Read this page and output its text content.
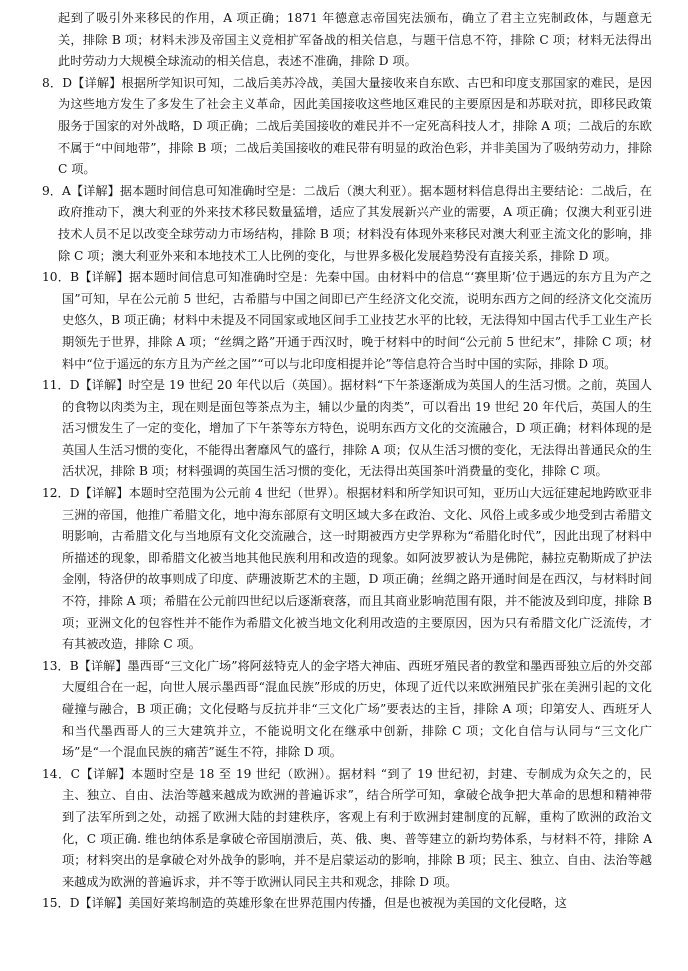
起到了吸引外来移民的作用，A 项正确；1871 年德意志帝国宪法颁布，确立了君主立宪制政体，与题意无关，排除 B 项；材料未涉及帝国主义竞相扩军备战的相关信息，与题干信息不符，排除 C 项；材料无法得出此时劳动力大规模全球流动的相关信息，表述不准确，排除 D 项。

8．D【详解】根据所学知识可知，二战后美苏冷战，美国大量接收来自东欧、古巴和印度支那国家的难民，是因为这些地方发生了多发生了社会主义革命，因此美国接收这些地区难民的主要原因是和苏联对抗，即移民政策服务于国家的对外战略，D 项正确；二战后美国接收的难民并不一定死高科技人才，排除 A 项；二战后的东欧不属于“中间地带”，排除 B 项；二战后美国接收的难民带有明显的政治色彩，并非美国为了吸纳劳动力，排除 C 项。

9．A【详解】据本题时间信息可知准确时空是：二战后（澳大利亚）。据本题材料信息得出主要结论：二战后，在政府推动下，澳大利亚的外来技术移民数量猛增，适应了其发展新兴产业的需要，A 项正确；仅澳大利亚引进技术人员不足以改变全球劳动力市场结构，排除 B 项；材料没有体现外来移民对澳大利亚主流文化的影响，排除 C 项；澳大利亚外来和本地技术工人比例的变化，与世界多极化发展趋势没有直接关系，排除 D 项。

10．B【详解】据本题时间信息可知准确时空是：先秦中国。由材料中的信息“‘赛里斯’位于遇远的东方且为产之国”可知，早在公元前 5 世纪，古希腊与中国之间即已产生经济文化交流，说明东西方之间的经济文化交流历史悠久，B 项正确；材料中未提及不同国家或地区间手工业技艺水平的比较，无法得知中国古代手工业生产长期领先于世界，排除 A 项；“丝绸之路”开通于西汉时，晚于材料中的时间“公元前 5 世纪末”，排除 C 项；材料中“位于遥远的东方且为产丝之国”“可以与北印度相提并论”等信息符合当时中国的实际，排除 D 项。

11．D【详解】时空是 19 世纪 20 年代以后（英国）。据材料“下午茶逐渐成为英国人的生活习惯。之前，英国人的食物以肉类为主，现在则是面包等茶点为主，辅以少量的肉类”，可以看出 19 世纪 20 年代后，英国人的生活习惯发生了一定的变化，增加了下午茶等东方特色，说明东西方文化的交流融合，D 项正确；材料体现的是英国人生活习惯的变化，不能得出奢靡风气的盛行，排除 A 项；仅从生活习惯的变化，无法得出普通民众的生活状况，排除 B 项；材料强调的英国生活习惯的变化，无法得出英国茶叶消费量的变化，排除 C 项。

12．D【详解】本题时空范围为公元前 4 世纪（世界）。根据材料和所学知识可知，亚历山大远征建起地跨欧亚非三洲的帝国，他推广希腊文化，地中海东部原有文明区域大多在政治、文化、风俗上或多或少地受到古希腊文明影响，古希腊文化与当地原有文化交流融合，这一时期被西方史学界称为“希腊化时代”，因此出现了材料中所描述的现象，即希腊文化被当地其他民族利用和改造的现象。如阿波罗被认为是佛陀，赫拉克勒斯成了护法金刚，特洛伊的故事则成了印度、萨珊波斯艺术的主题，D 项正确；丝绸之路开通时间是在西汉，与材料时间不符，排除 A 项；希腊在公元前四世纪以后逐渐衰落，而且其商业影响范围有限，并不能波及到印度，排除 B 项；亚洲文化的包容性并不能作为希腊文化被当地文化利用改造的主要原因，因为只有希腊文化广泛流传，才有其被改造，排除 C 项。

13．B【详解】墨西哥“三文化广场”将阿兹特克人的金字塔大神庙、西班牙殖民者的教堂和墨西哥独立后的外交部大厦组合在一起，向世人展示墨西哥“混血民族”形成的历史，体现了近代以来欧洲殖民扩张在美洲引起的文化碰撞与融合，B 项正确；文化侵略与反抗并非“三文化广场”要表达的主旨，排除 A 项；印第安人、西班牙人和当代墨西哥人的三大建筑并立，不能说明文化在继承中创新，排除 C 项；文化自信与认同与“三文化广场”是“一个混血民族的痛苦”诞生不符，排除 D 项。

14．C【详解】本题时空是 18 至 19 世纪（欧洲）。据材料 “到了 19 世纪初，封建、专制成为众矢之的，民主、独立、自由、法治等越来越成为欧洲的普遍诉求”，结合所学可知，拿破仑战争把大革命的思想和精神带到了法军所到之处，动摇了欧洲大陆的封建秩序，客观上有利于欧洲封建制度的瓦解，重构了欧洲的政治文化，C 项正确. 维也纳体系是拿破仑帝国崩溃后，英、俄、奥、普等建立的新均势体系，与材料不符，排除 A 项；材料突出的是拿破仑对外战争的影响，并不是启蒙运动的影响，排除 B 项；民主、独立、自由、法治等越来越成为欧洲的普遍诉求，并不等于欧洲认同民主共和观念，排除 D 项。

15．D【详解】美国好莱坞制造的英雄形象在世界范围内传播，但是也被视为美国的文化侵略，这
